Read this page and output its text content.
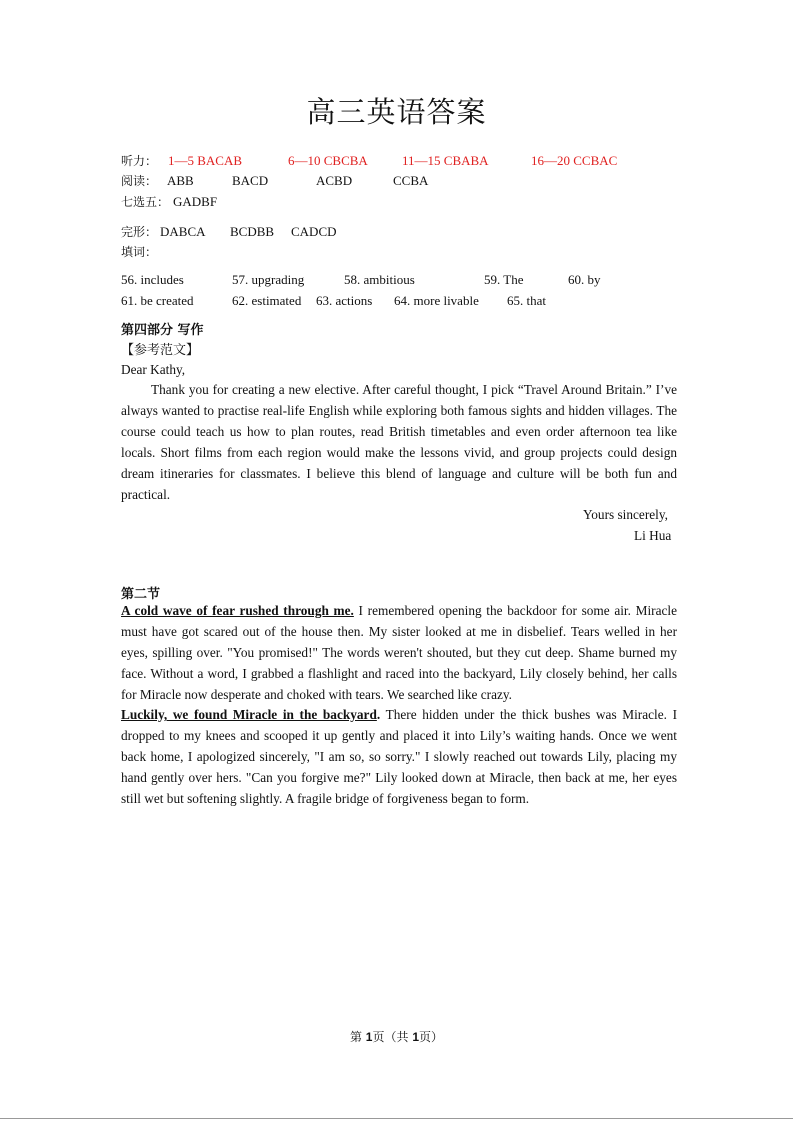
高三英语答案
听力： 1—5 BACAB	6—10 CBCBA	11—15 CBABA	16—20 CCBAC
阅读： ABB	BACD	ACBD	CCBA
七选五： GADBF
完形： DABCA BCDBB CADCD
填词：
56. includes	57. upgrading	58. ambitious	59. The	60. by
61. be created	62. estimated 63. actions 64. more livable 65. that
第四部分 写作
【参考范文】
Dear Kathy,
Thank you for creating a new elective. After careful thought, I pick “Travel Around Britain.” I’ve always wanted to practise real-life English while exploring both famous sights and hidden villages. The course could teach us how to plan routes, read British timetables and even order afternoon tea like locals. Short films from each region would make the lessons vivid, and group projects could design dream itineraries for classmates. I believe this blend of language and culture will be both fun and practical.
Yours sincerely,
Li Hua
第二节
A cold wave of fear rushed through me. I remembered opening the backdoor for some air. Miracle must have got scared out of the house then. My sister looked at me in disbelief. Tears welled in her eyes, spilling over. "You promised!" The words weren't shouted, but they cut deep. Shame burned my face. Without a word, I grabbed a flashlight and raced into the backyard, Lily closely behind, her calls for Miracle now desperate and choked with tears. We searched like crazy.
Luckily, we found Miracle in the backyard. There hidden under the thick bushes was Miracle. I dropped to my knees and scooped it up gently and placed it into Lily’s waiting hands. Once we went back home, I apologized sincerely, "I am so, so sorry." I slowly reached out towards Lily, placing my hand gently over hers. "Can you forgive me?" Lily looked down at Miracle, then back at me, her eyes still wet but softening slightly. A fragile bridge of forgiveness began to form.
第 1页（共 1页）
